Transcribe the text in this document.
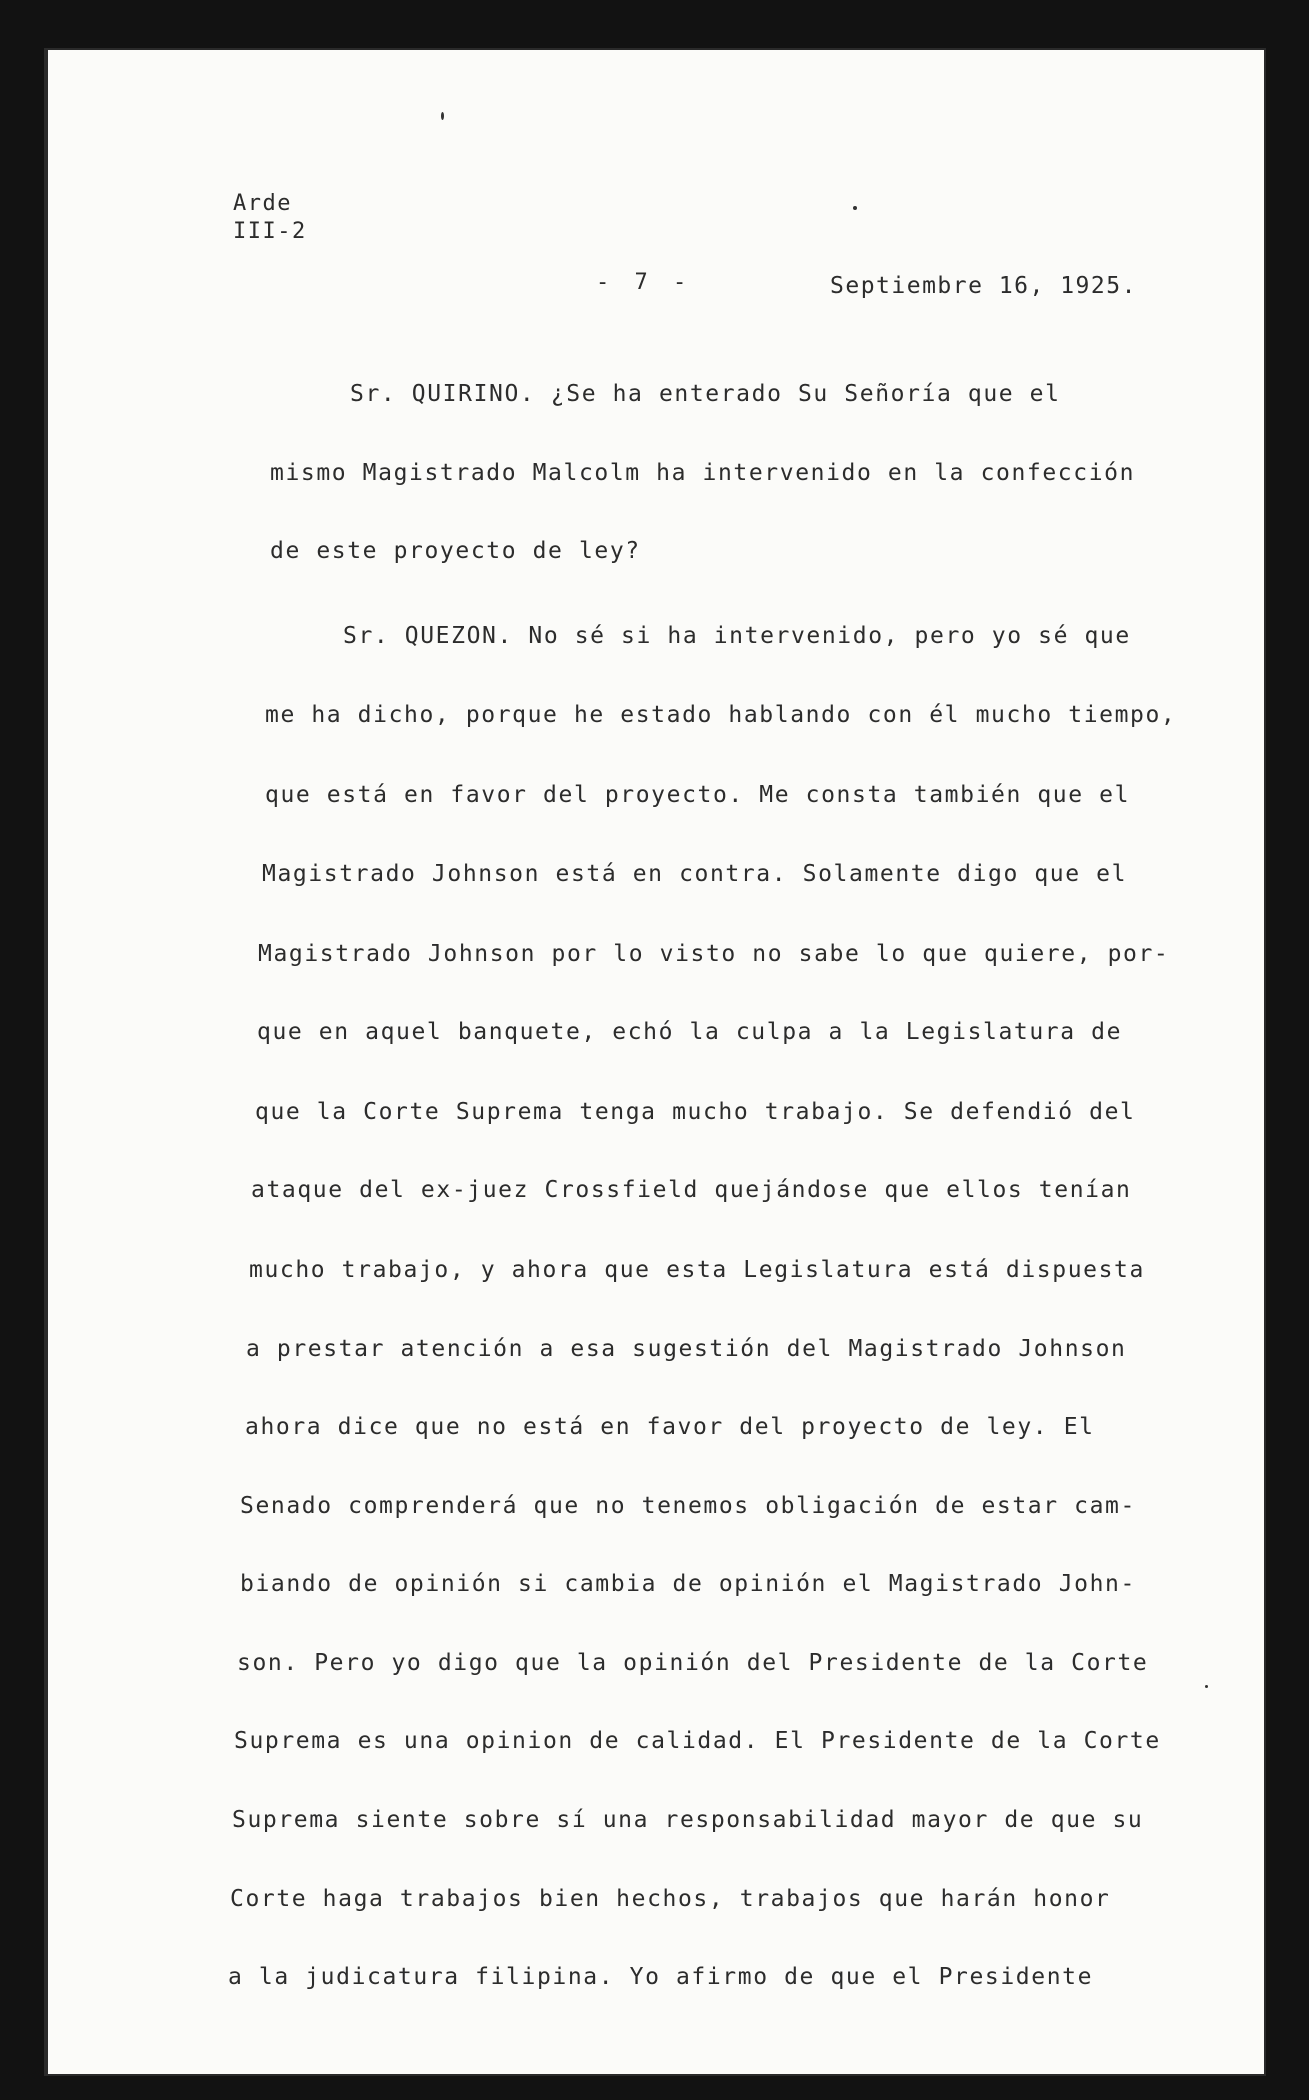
Arde
III-2
- 7 -	Septiembre 16, 1925.
Sr. QUIRINO. ¿Se ha enterado Su Señoría que el
mismo Magistrado Malcolm ha intervenido en la confección
de este proyecto de ley?
Sr. QUEZON. No sé si ha intervenido, pero yo sé que
me ha dicho, porque he estado hablando con él mucho tiempo,
que está en favor del proyecto. Me consta también que el
Magistrado Johnson está en contra. Solamente digo que el
Magistrado Johnson por lo visto no sabe lo que quiere, por-
que en aquel banquete, echó la culpa a la Legislatura de
que la Corte Suprema tenga mucho trabajo. Se defendió del
ataque del ex-juez Crossfield quejándose que ellos tenían
mucho trabajo, y ahora que esta Legislatura está dispuesta
a prestar atención a esa sugestión del Magistrado Johnson
ahora dice que no está en favor del proyecto de ley. El
Senado comprenderá que no tenemos obligación de estar cam-
biando de opinión si cambia de opinión el Magistrado John-
son. Pero yo digo que la opinión del Presidente de la Corte
Suprema es una opinion de calidad. El Presidente de la Corte
Suprema siente sobre sí una responsabilidad mayor de que su
Corte haga trabajos bien hechos, trabajos que harán honor
a la judicatura filipina. Yo afirmo de que el Presidente
